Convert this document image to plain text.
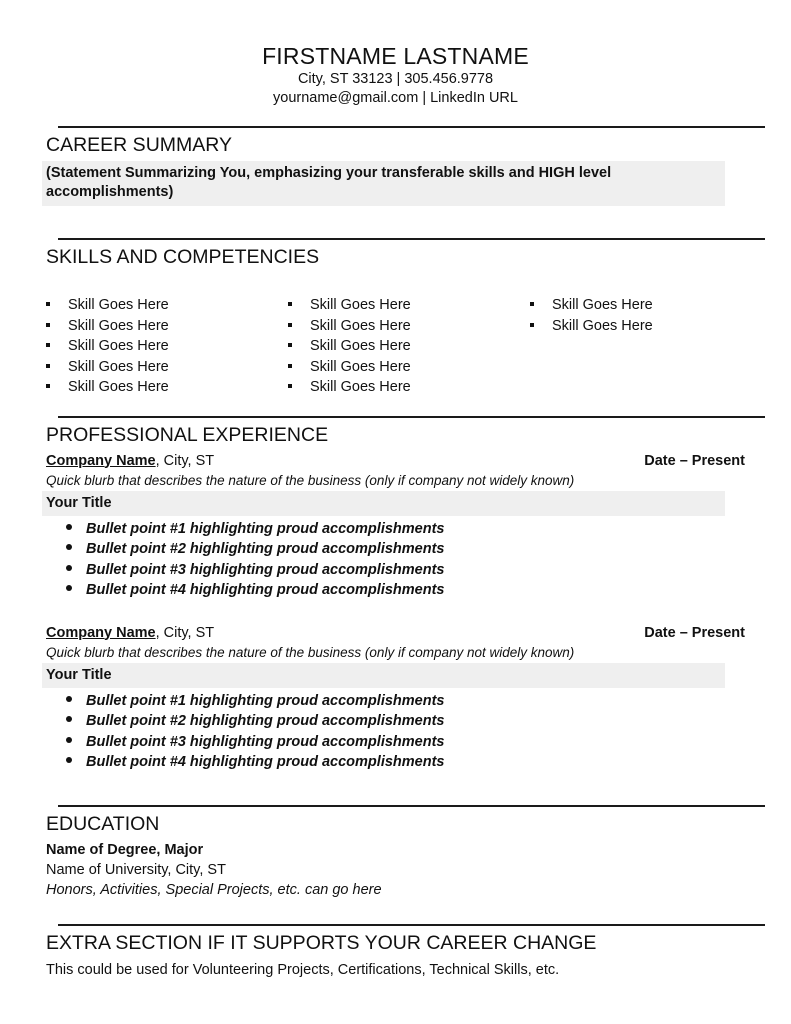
FIRSTNAME LASTNAME
City, ST 33123 | 305.456.9778
yourname@gmail.com | LinkedIn URL
CAREER SUMMARY
(Statement Summarizing You, emphasizing your transferable skills and HIGH level accomplishments)
SKILLS AND COMPETENCIES
Skill Goes Here
Skill Goes Here
Skill Goes Here
Skill Goes Here
Skill Goes Here
Skill Goes Here
Skill Goes Here
Skill Goes Here
Skill Goes Here
Skill Goes Here
Skill Goes Here
Skill Goes Here
PROFESSIONAL EXPERIENCE
Company Name , City, ST	Date – Present
Quick blurb that describes the nature of the business (only if company not widely known)
Your Title
Bullet point #1 highlighting proud accomplishments
Bullet point #2 highlighting proud accomplishments
Bullet point #3 highlighting proud accomplishments
Bullet point #4 highlighting proud accomplishments
Company Name , City, ST	Date – Present
Quick blurb that describes the nature of the business (only if company not widely known)
Your Title
Bullet point #1 highlighting proud accomplishments
Bullet point #2 highlighting proud accomplishments
Bullet point #3 highlighting proud accomplishments
Bullet point #4 highlighting proud accomplishments
EDUCATION
Name of Degree, Major
Name of University, City, ST
Honors, Activities, Special Projects, etc. can go here
EXTRA SECTION IF IT SUPPORTS YOUR CAREER CHANGE
This could be used for Volunteering Projects, Certifications, Technical Skills, etc.
